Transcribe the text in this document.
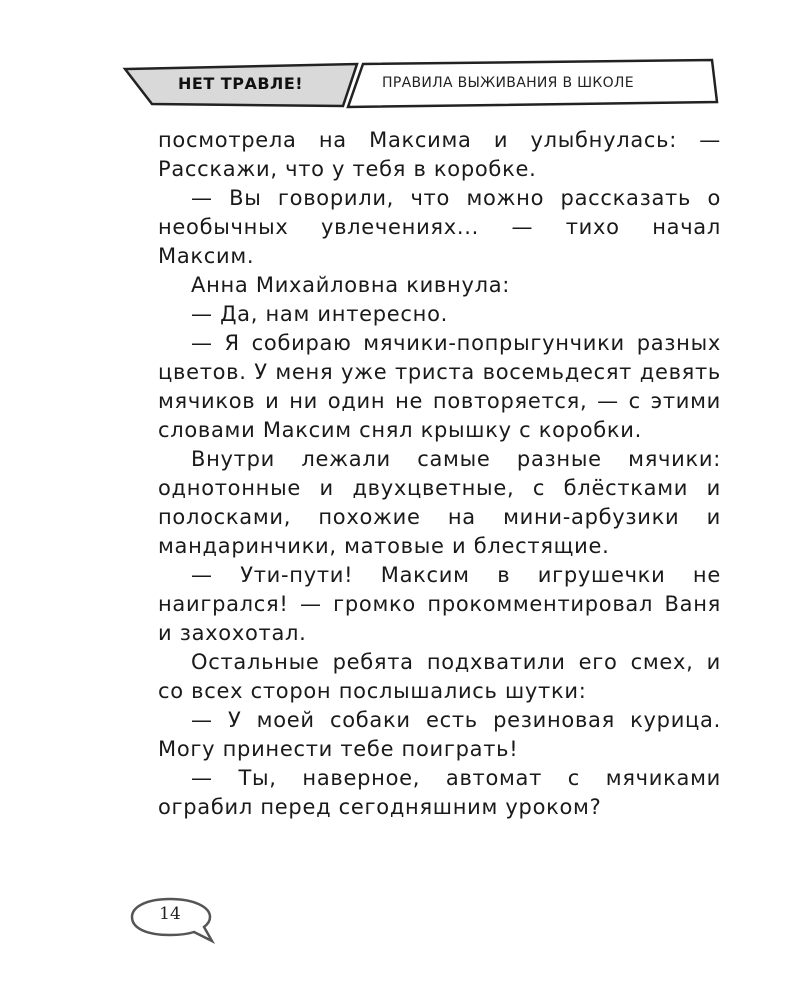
НЕТ ТРАВЛЕ!	ПРАВИЛА ВЫЖИВАНИЯ В ШКОЛЕ

посмотрела на Максима и улыбнулась: — Расскажи, что у тебя в коробке.

— Вы говорили, что можно рассказать о необычных увлечениях... — тихо начал Максим.

Анна Михайловна кивнула:

— Да, нам интересно.

— Я собираю мячики-попрыгунчики разных цветов. У меня уже триста восемьдесят девять мячиков и ни один не повторяется, — с этими словами Максим снял крышку с коробки.

Внутри лежали самые разные мячики: однотонные и двухцветные, с блёстками и полосками, похожие на мини-арбузики и мандаринчики, матовые и блестящие.

— Ути-пути! Максим в игрушечки не наигрался! — громко прокомментировал Ваня и захохотал.

Остальные ребята подхватили его смех, и со всех сторон послышались шутки:

— У моей собаки есть резиновая курица. Могу принести тебе поиграть!

— Ты, наверное, автомат с мячиками ограбил перед сегодняшним уроком?

14
